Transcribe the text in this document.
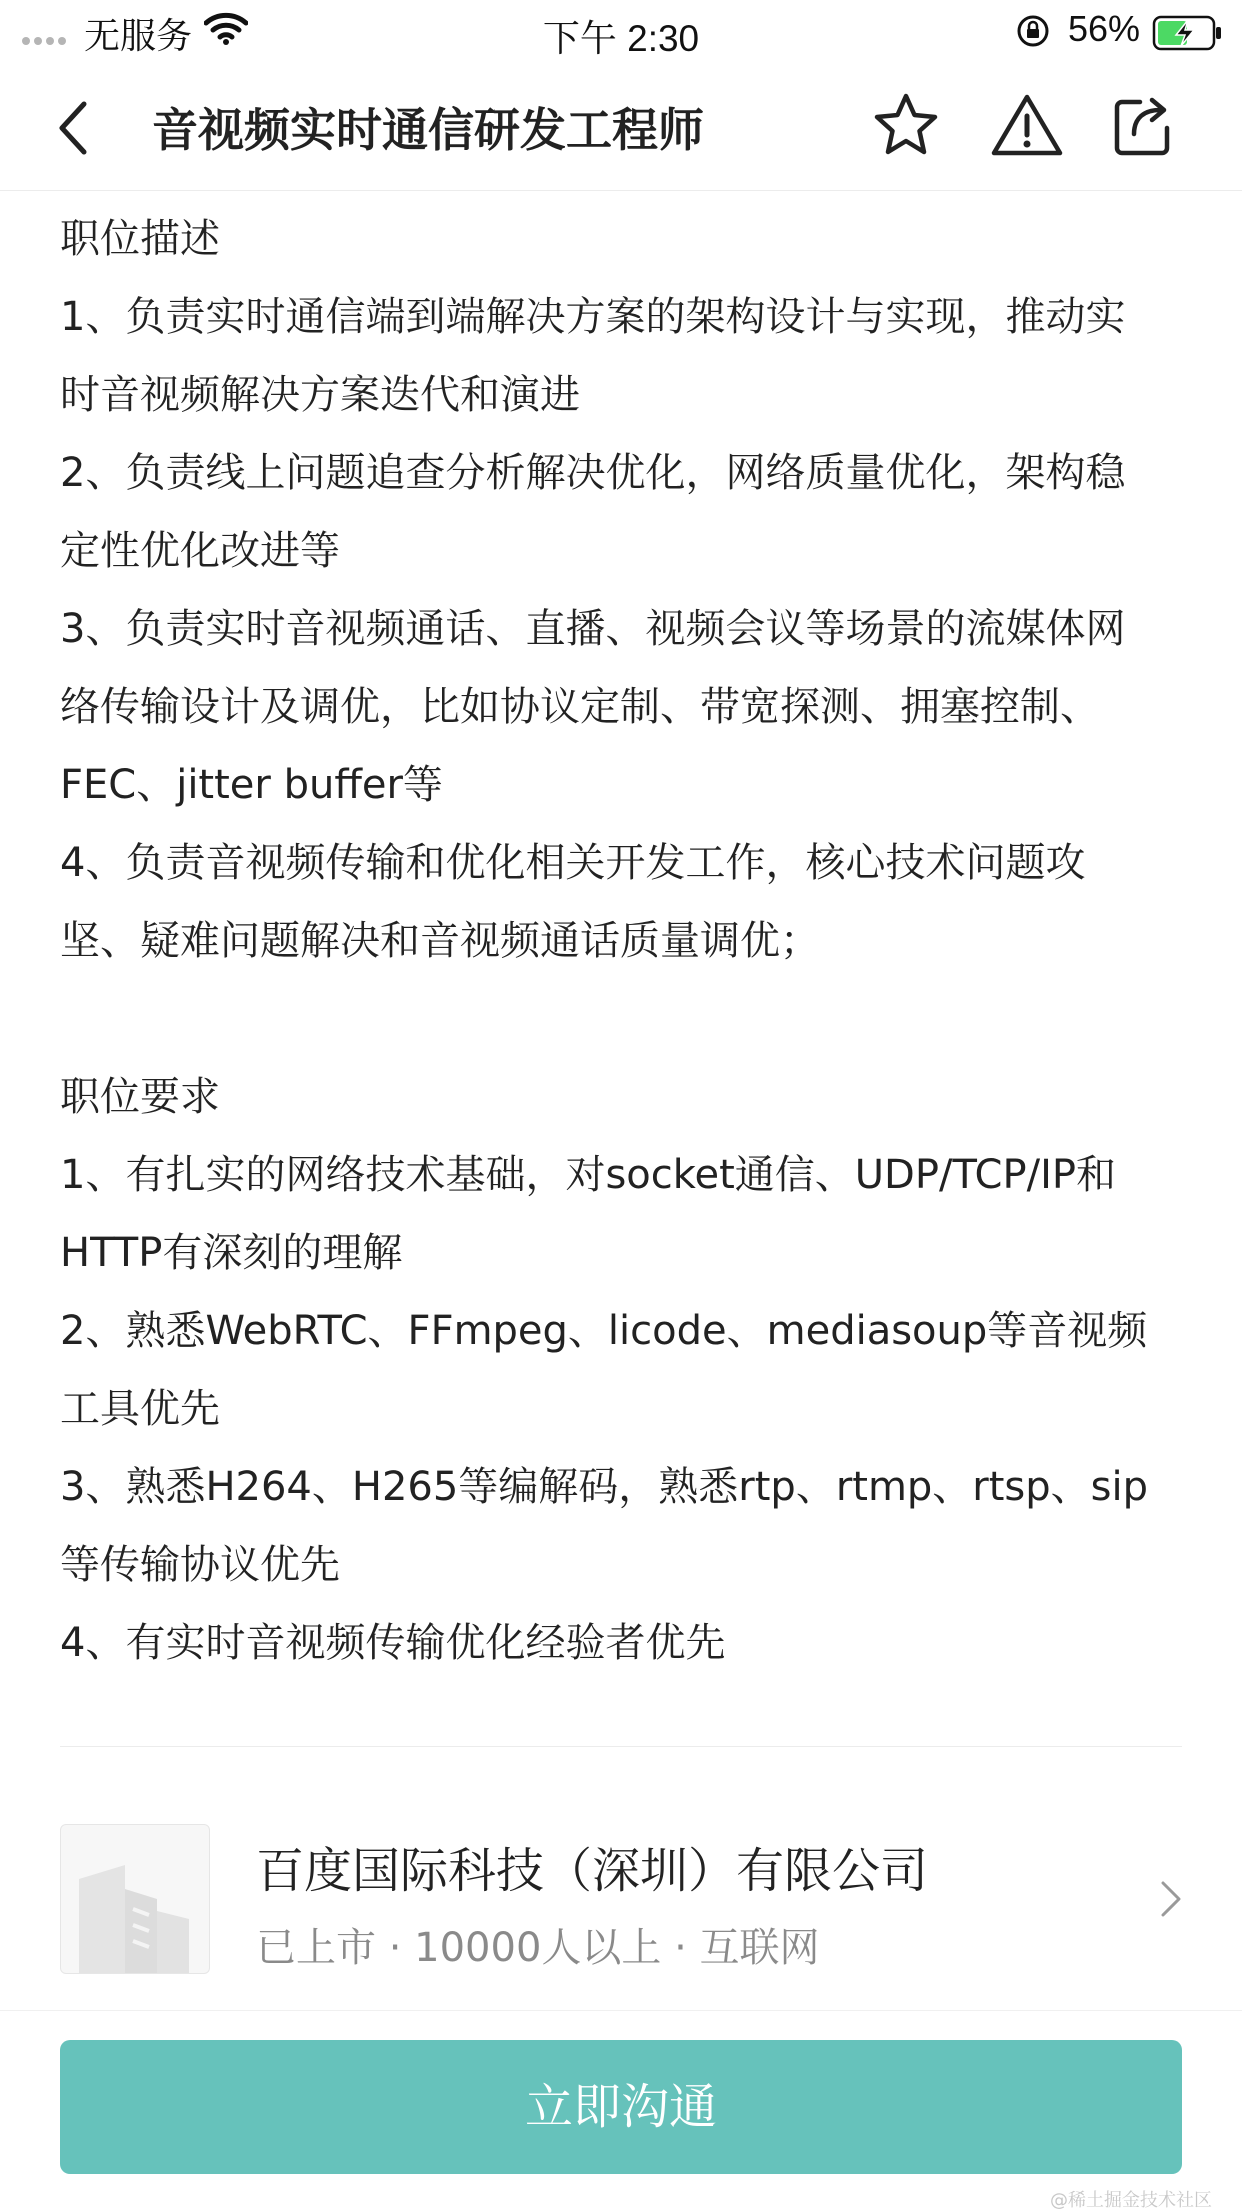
无服务	下午 2:30	56%
音视频实时通信研发工程师
职位描述
1、负责实时通信端到端解决方案的架构设计与实现，推动实
时音视频解决方案迭代和演进
2、负责线上问题追查分析解决优化，网络质量优化，架构稳
定性优化改进等
3、负责实时音视频通话、直播、视频会议等场景的流媒体网
络传输设计及调优，比如协议定制、带宽探测、拥塞控制、
FEC、jitter buffer等
4、负责音视频传输和优化相关开发工作，核心技术问题攻
坚、疑难问题解决和音视频通话质量调优；
职位要求
1、有扎实的网络技术基础，对socket通信、UDP/TCP/IP和
HTTP有深刻的理解
2、熟悉WebRTC、FFmpeg、licode、mediasoup等音视频
工具优先
3、熟悉H264、H265等编解码，熟悉rtp、rtmp、rtsp、sip
等传输协议优先
4、有实时音视频传输优化经验者优先
百度国际科技（深圳）有限公司
已上市 · 10000人以上 · 互联网
立即沟通
@稀土掘金技术社区
